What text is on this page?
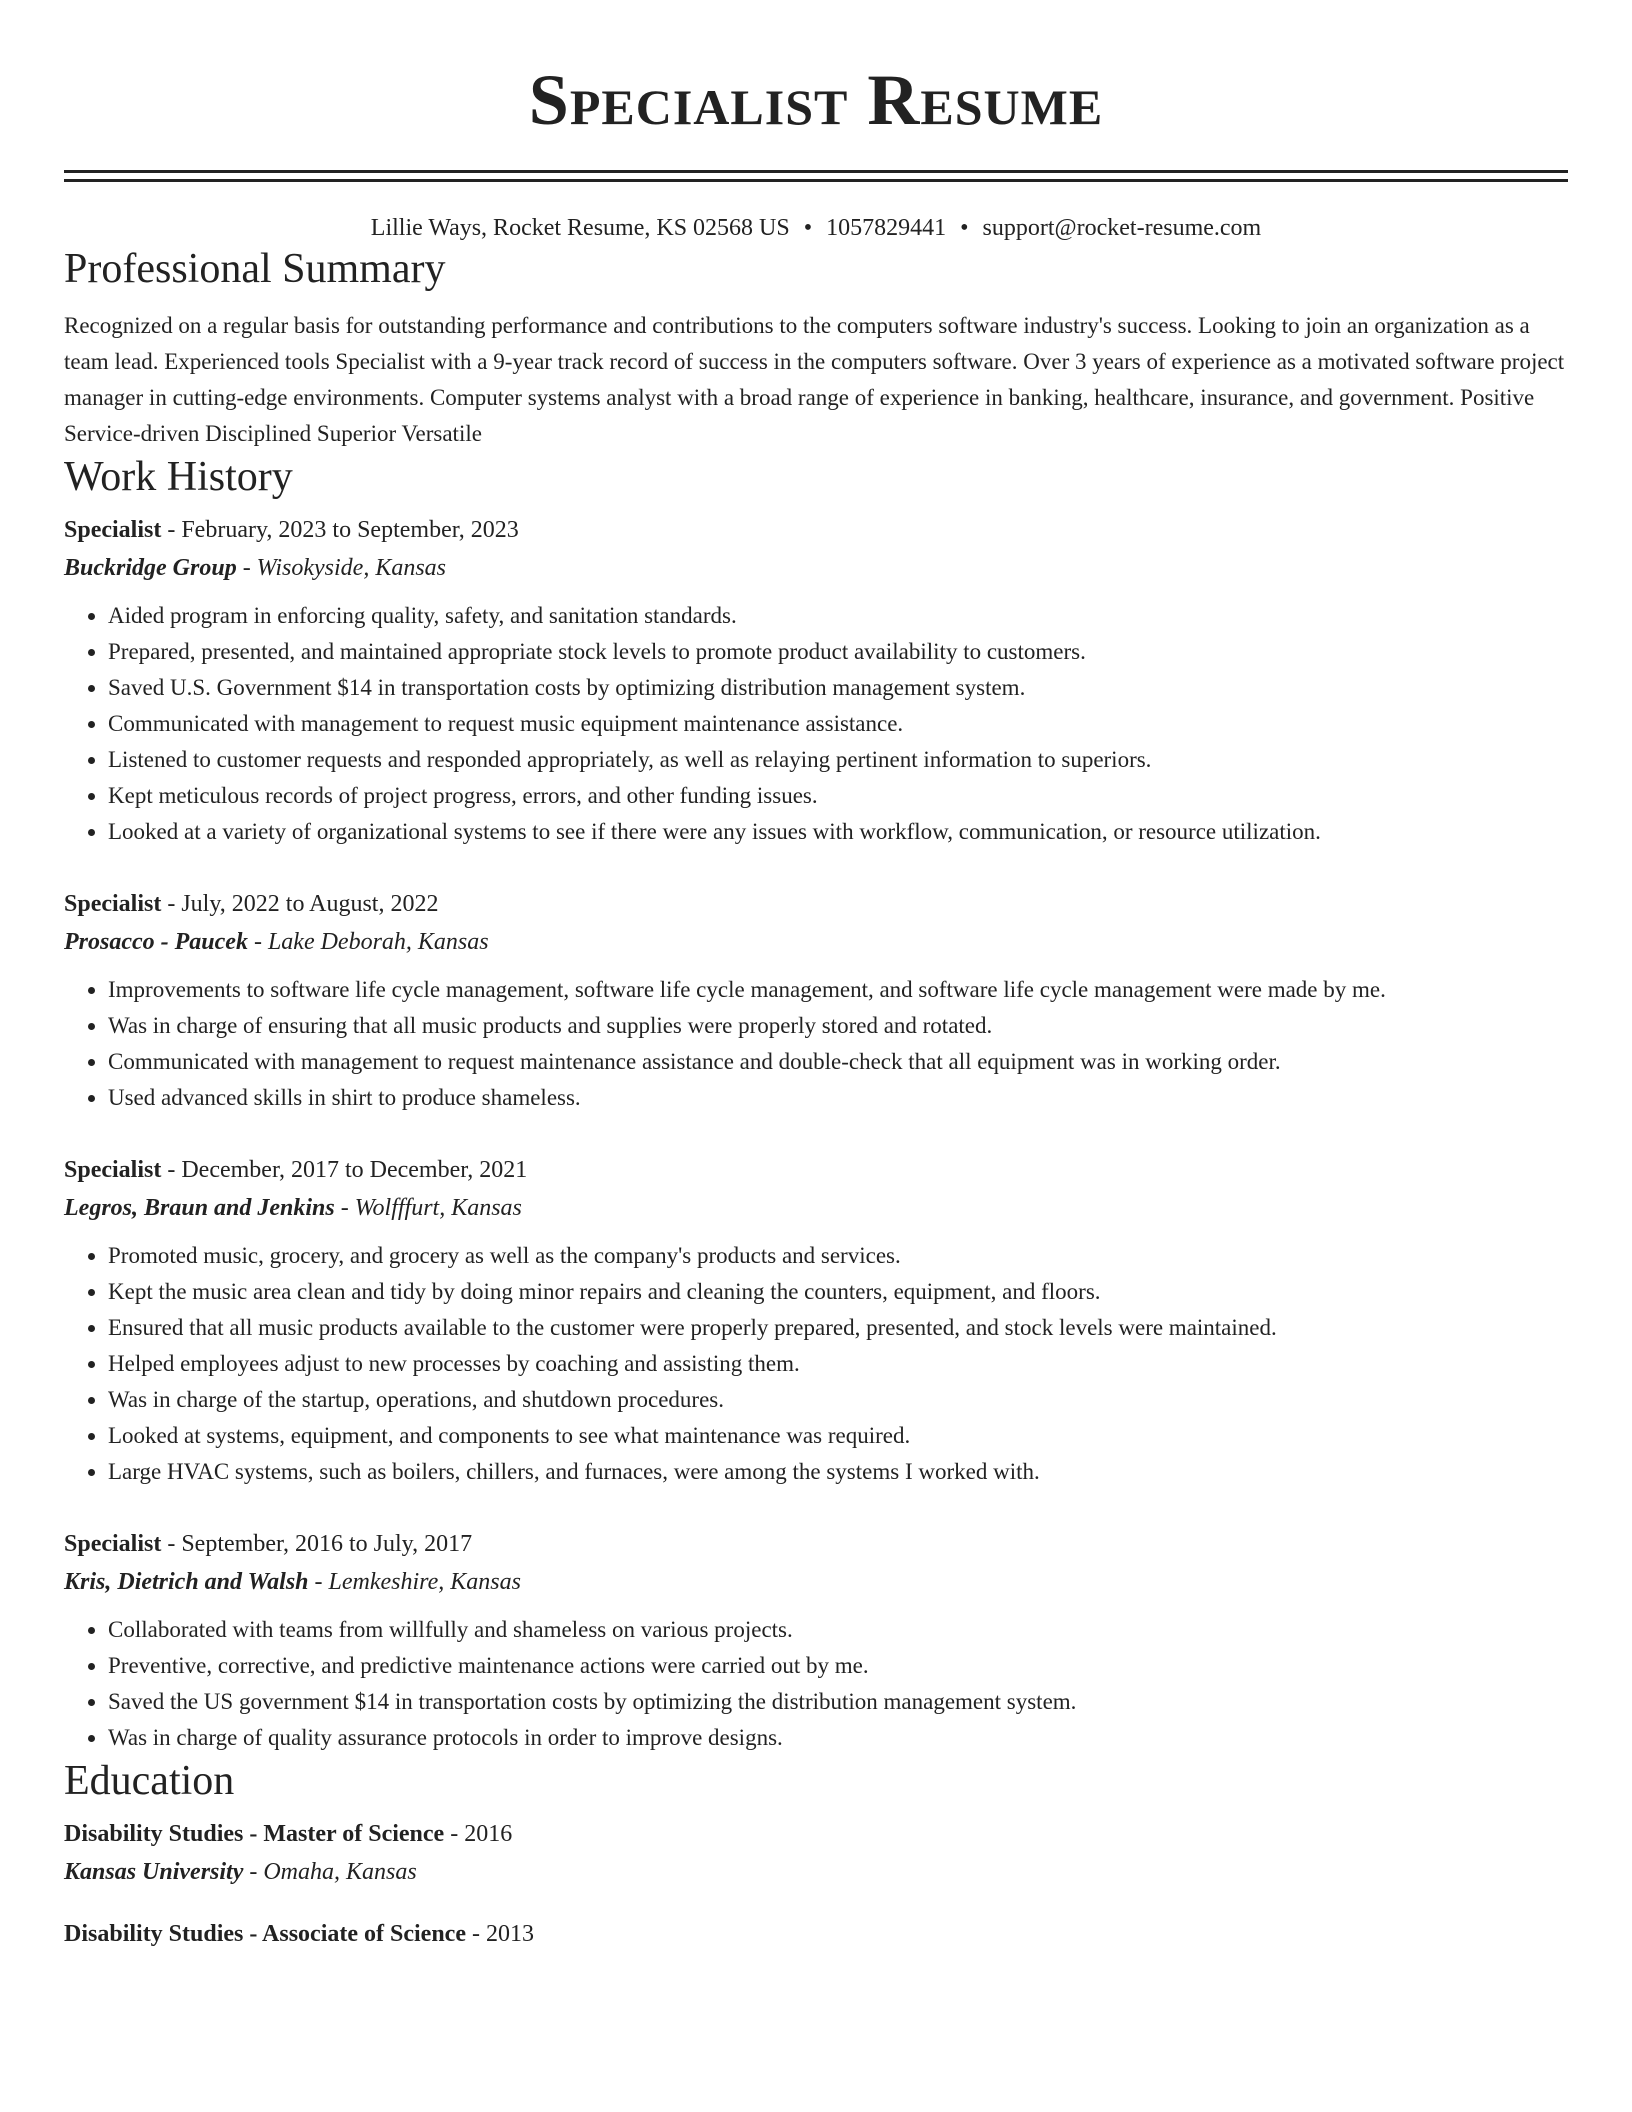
Specialist Resume
Lillie Ways, Rocket Resume, KS 02568 US • 1057829441 • support@rocket-resume.com
Professional Summary
Recognized on a regular basis for outstanding performance and contributions to the computers software industry's success. Looking to join an organization as a team lead. Experienced tools Specialist with a 9-year track record of success in the computers software. Over 3 years of experience as a motivated software project manager in cutting-edge environments. Computer systems analyst with a broad range of experience in banking, healthcare, insurance, and government. Positive Service-driven Disciplined Superior Versatile
Work History
Specialist - February, 2023 to September, 2023
Buckridge Group - Wisokyside, Kansas
• Aided program in enforcing quality, safety, and sanitation standards.
• Prepared, presented, and maintained appropriate stock levels to promote product availability to customers.
• Saved U.S. Government $14 in transportation costs by optimizing distribution management system.
• Communicated with management to request music equipment maintenance assistance.
• Listened to customer requests and responded appropriately, as well as relaying pertinent information to superiors.
• Kept meticulous records of project progress, errors, and other funding issues.
• Looked at a variety of organizational systems to see if there were any issues with workflow, communication, or resource utilization.
Specialist - July, 2022 to August, 2022
Prosacco - Paucek - Lake Deborah, Kansas
• Improvements to software life cycle management, software life cycle management, and software life cycle management were made by me.
• Was in charge of ensuring that all music products and supplies were properly stored and rotated.
• Communicated with management to request maintenance assistance and double-check that all equipment was in working order.
• Used advanced skills in shirt to produce shameless.
Specialist - December, 2017 to December, 2021
Legros, Braun and Jenkins - Wolfffurt, Kansas
• Promoted music, grocery, and grocery as well as the company's products and services.
• Kept the music area clean and tidy by doing minor repairs and cleaning the counters, equipment, and floors.
• Ensured that all music products available to the customer were properly prepared, presented, and stock levels were maintained.
• Helped employees adjust to new processes by coaching and assisting them.
• Was in charge of the startup, operations, and shutdown procedures.
• Looked at systems, equipment, and components to see what maintenance was required.
• Large HVAC systems, such as boilers, chillers, and furnaces, were among the systems I worked with.
Specialist - September, 2016 to July, 2017
Kris, Dietrich and Walsh - Lemkeshire, Kansas
• Collaborated with teams from willfully and shameless on various projects.
• Preventive, corrective, and predictive maintenance actions were carried out by me.
• Saved the US government $14 in transportation costs by optimizing the distribution management system.
• Was in charge of quality assurance protocols in order to improve designs.
Education
Disability Studies - Master of Science - 2016
Kansas University - Omaha, Kansas
Disability Studies - Associate of Science - 2013
